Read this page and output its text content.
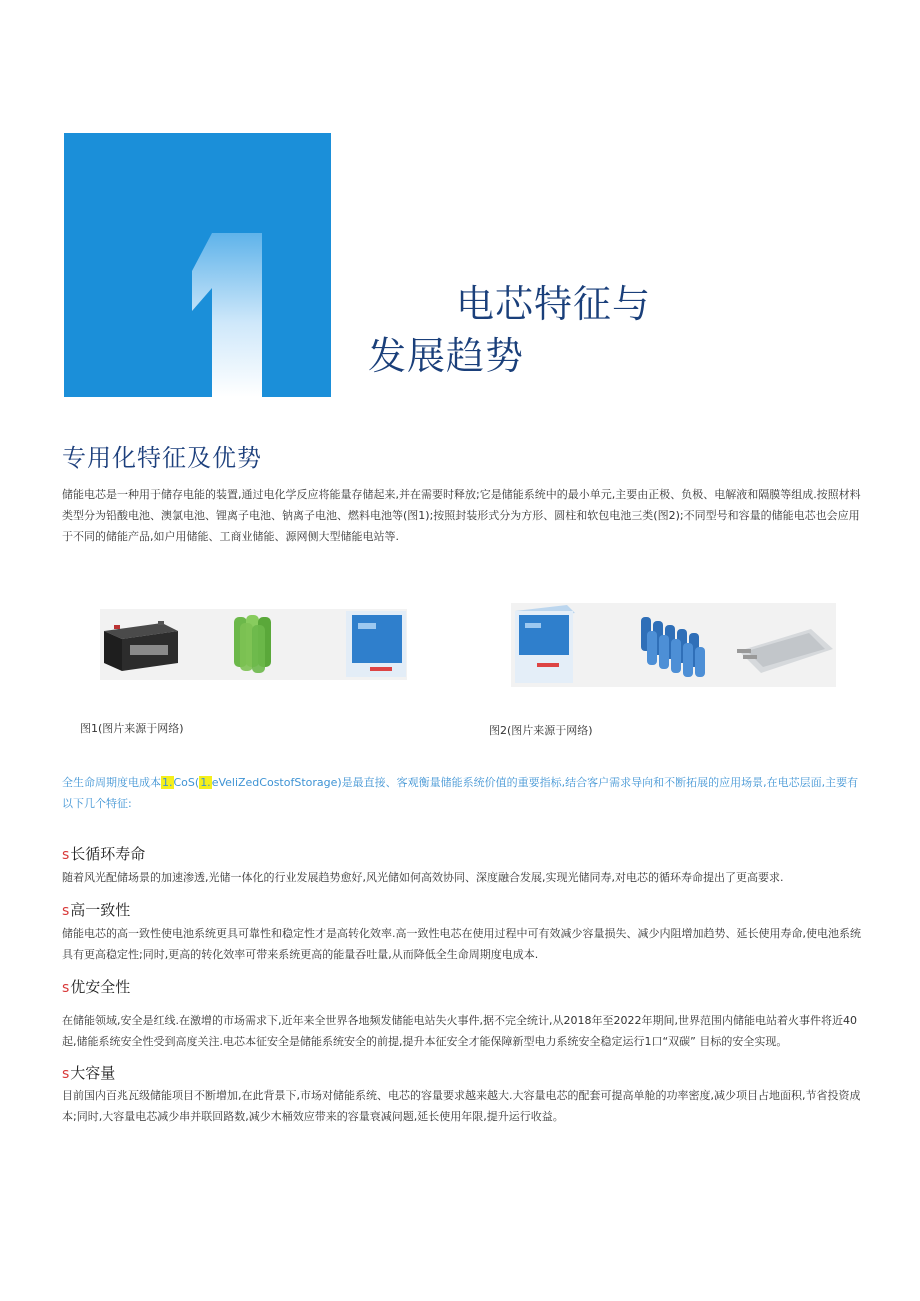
电芯特征与
发展趋势
专用化特征及优势
储能电芯是一种用于储存电能的装置,通过电化学反应将能量存储起来,并在需要时释放;它是储能系统中的最小单元,主要由正极、负极、电解液和隔膜等组成.按照材料类型分为铅酸电池、澳氯电池、锂离子电池、钠离子电池、燃料电池等(图1);按照封装形式分为方形、圆柱和软包电池三类(图2);不同型号和容量的储能电芯也会应用于不同的储能产品,如户用储能、工商业储能、源网侧大型储能电站等.
图1(图片来源于网络)	图2(图片来源于网络)
全生命周期度电成本1.CoS(1.eVeliZedCostofStorage)是最直接、客观衡量储能系统价值的重要指标,结合客户需求导向和不断拓展的应用场景,在电芯层面,主要有以下几个特征:
s长循环寿命
随着风光配储场景的加速渗透,光储一体化的行业发展趋势愈好,风光储如何高效协同、深度融合发展,实现光储同寿,对电芯的循环寿命提出了更高要求.
s高一致性
储能电芯的高一致性使电池系统更具可靠性和稳定性才是高转化效率.高一致性电芯在使用过程中可有效减少容量损失、减少内阻增加趋势、延长使用寿命,使电池系统具有更高稳定性;同时,更高的转化效率可带来系统更高的能量吞吐量,从而降低全生命周期度电成本.
s优安全性
在储能领域,安全是红线.在激增的市场需求下,近年来全世界各地频发储能电站失火事件,据不完全统计,从2018年至2022年期间,世界范围内储能电站着火事件将近40起,储能系统安全性受到高度关注.电芯本征安全是储能系统安全的前提,提升本征安全才能保障新型电力系统安全稳定运行1口“双碳” 目标的安全实现。
s大容量
目前国内百兆瓦级储能项目不断增加,在此背景下,市场对储能系统、电芯的容量要求越来越大.大容量电芯的配套可提高单舱的功率密度,减少项目占地面积,节省投资成本;同时,大容量电芯减少串并联回路数,减少木桶效应带来的容量衰减问题,延长使用年限,提升运行收益。
